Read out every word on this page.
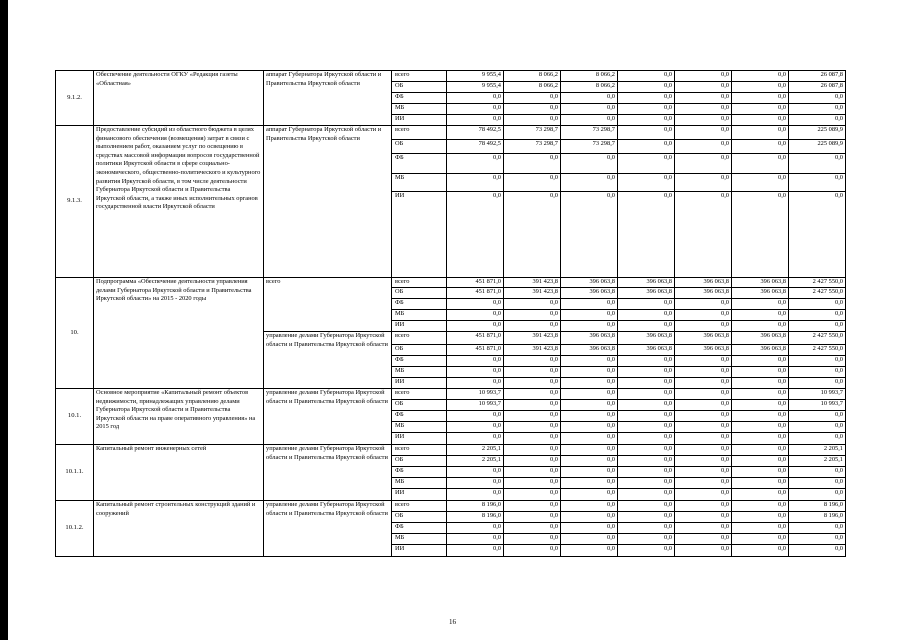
9.1.2.	Обеспечение деятельности ОГКУ «Редакция газеты «Областная»	аппарат Губернатора Иркутской области и Правительства Иркутской области	всего	9 955,4	8 066,2	8 066,2	0,0	0,0	0,0	26 087,8
			ОБ	9 955,4	8 066,2	8 066,2	0,0	0,0	0,0	26 087,8
			ФБ	0,0	0,0	0,0	0,0	0,0	0,0	0,0
			МБ	0,0	0,0	0,0	0,0	0,0	0,0	0,0
			ИИ	0,0	0,0	0,0	0,0	0,0	0,0	0,0
9.1.3.	Предоставление субсидий из областного бюджета в целях финансового обеспечения (возмещения) затрат в связи с выполнением работ, оказанием услуг по освещению в средствах массовой информации вопросов государственной политики Иркутской области в сфере социально-экономического, общественно-политического и культурного развития Иркутской области, в том числе деятельности Губернатора Иркутской области и Правительства Иркутской области, а также иных исполнительных органов государственной власти Иркутской области	аппарат Губернатора Иркутской области и Правительства Иркутской области	всего	78 492,5	73 298,7	73 298,7	0,0	0,0	0,0	225 089,9
			ОБ	78 492,5	73 298,7	73 298,7	0,0	0,0	0,0	225 089,9
			ФБ	0,0	0,0	0,0	0,0	0,0	0,0	0,0
			МБ	0,0	0,0	0,0	0,0	0,0	0,0	0,0
			ИИ	0,0	0,0	0,0	0,0	0,0	0,0	0,0
10.	Подпрограмма «Обеспечение деятельности управления делами Губернатора Иркутской области и Правительства Иркутской области» на 2015 - 2020 годы	всего	всего	451 871,0	391 423,8	396 063,8	396 063,8	396 063,8	396 063,8	2 427 550,0
			ОБ	451 871,0	391 423,8	396 063,8	396 063,8	396 063,8	396 063,8	2 427 550,0
			ФБ	0,0	0,0	0,0	0,0	0,0	0,0	0,0
			МБ	0,0	0,0	0,0	0,0	0,0	0,0	0,0
			ИИ	0,0	0,0	0,0	0,0	0,0	0,0	0,0
		управление делами Губернатора Иркутской области и Правительства Иркутской области	всего	451 871,0	391 423,8	396 063,8	396 063,8	396 063,8	396 063,8	2 427 550,0
			ОБ	451 871,0	391 423,8	396 063,8	396 063,8	396 063,8	396 063,8	2 427 550,0
			ФБ	0,0	0,0	0,0	0,0	0,0	0,0	0,0
			МБ	0,0	0,0	0,0	0,0	0,0	0,0	0,0
			ИИ	0,0	0,0	0,0	0,0	0,0	0,0	0,0
10.1.	Основное мероприятие «Капитальный ремонт объектов недвижимости, принадлежащих управлению делами Губернатора Иркутской области и Правительства Иркутской области на праве оперативного управления» на 2015 год	управление делами Губернатора Иркутской области и Правительства Иркутской области	всего	10 993,7	0,0	0,0	0,0	0,0	0,0	10 993,7
			ОБ	10 993,7	0,0	0,0	0,0	0,0	0,0	10 993,7
			ФБ	0,0	0,0	0,0	0,0	0,0	0,0	0,0
			МБ	0,0	0,0	0,0	0,0	0,0	0,0	0,0
			ИИ	0,0	0,0	0,0	0,0	0,0	0,0	0,0
10.1.1.	Капитальный ремонт инженерных сетей	управление делами Губернатора Иркутской области и Правительства Иркутской области	всего	2 205,1	0,0	0,0	0,0	0,0	0,0	2 205,1
			ОБ	2 205,1	0,0	0,0	0,0	0,0	0,0	2 205,1
			ФБ	0,0	0,0	0,0	0,0	0,0	0,0	0,0
			МБ	0,0	0,0	0,0	0,0	0,0	0,0	0,0
			ИИ	0,0	0,0	0,0	0,0	0,0	0,0	0,0
10.1.2.	Капитальный ремонт строительных конструкций зданий и сооружений	управление делами Губернатора Иркутской области и Правительства Иркутской области	всего	8 196,0	0,0	0,0	0,0	0,0	0,0	8 196,0
			ОБ	8 196,0	0,0	0,0	0,0	0,0	0,0	8 196,0
			ФБ	0,0	0,0	0,0	0,0	0,0	0,0	0,0
			МБ	0,0	0,0	0,0	0,0	0,0	0,0	0,0
			ИИ	0,0	0,0	0,0	0,0	0,0	0,0	0,0
16
